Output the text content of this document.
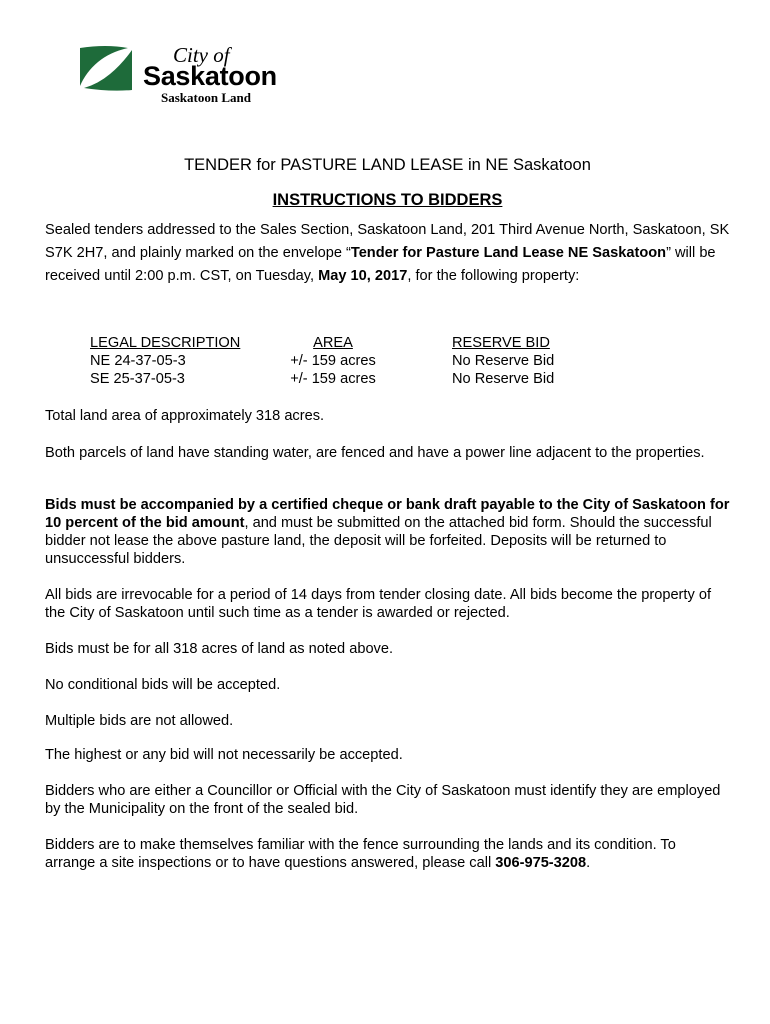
City of
Saskatoon
Saskatoon Land
TENDER for PASTURE LAND LEASE in NE Saskatoon
INSTRUCTIONS TO BIDDERS

Sealed tenders addressed to the Sales Section, Saskatoon Land, 201 Third Avenue North, Saskatoon, SK S7K 2H7, and plainly marked on the envelope “Tender for Pasture Land Lease NE Saskatoon” will be received until 2:00 p.m. CST, on Tuesday, May 10, 2017, for the following property:

LEGAL DESCRIPTION
NE 24-37-05-3
SE 25-37-05-3
AREA
+/- 159 acres
+/- 159 acres
RESERVE BID
No Reserve Bid
No Reserve Bid

Total land area of approximately 318 acres.

Both parcels of land have standing water, are fenced and have a power line adjacent to the properties.

Bids must be accompanied by a certified cheque or bank draft payable to the City of Saskatoon for 10 percent of the bid amount, and must be submitted on the attached bid form. Should the successful bidder not lease the above pasture land, the deposit will be forfeited. Deposits will be returned to unsuccessful bidders.

All bids are irrevocable for a period of 14 days from tender closing date. All bids become the property of the City of Saskatoon until such time as a tender is awarded or rejected.

Bids must be for all 318 acres of land as noted above.

No conditional bids will be accepted.

Multiple bids are not allowed.

The highest or any bid will not necessarily be accepted.

Bidders who are either a Councillor or Official with the City of Saskatoon must identify they are employed by the Municipality on the front of the sealed bid.

Bidders are to make themselves familiar with the fence surrounding the lands and its condition. To arrange a site inspections or to have questions answered, please call 306-975-3208.
